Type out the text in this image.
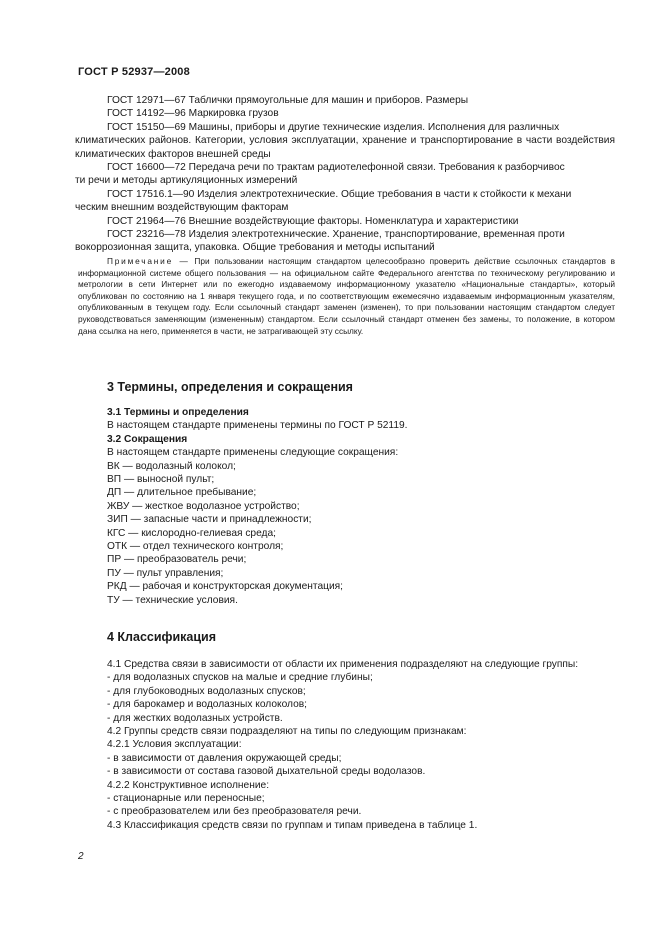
ГОСТ Р 52937—2008

ГОСТ 12971—67 Таблички прямоугольные для машин и приборов. Размеры

ГОСТ 14192—96 Маркировка грузов

ГОСТ 15150—69 Машины, приборы и другие технические изделия. Исполнения для различных

климатических районов. Категории, условия эксплуатации, хранение и транспортирование в части воздействия климатических факторов внешней среды

ГОСТ 16600—72 Передача речи по трактам радиотелефонной связи. Требования к разборчивос

ти речи и методы артикуляционных измерений

ГОСТ 17516.1—90 Изделия электротехнические. Общие требования в части к стойкости к механи

ческим внешним воздействующим факторам

ГОСТ 21964—76 Внешние воздействующие факторы. Номенклатура и характеристики

ГОСТ 23216—78 Изделия электротехнические. Хранение, транспортирование, временная проти

вокоррозионная защита, упаковка. Общие требования и методы испытаний

Примечание — При пользовании настоящим стандартом целесообразно проверить действие ссылочных стандартов в информационной системе общего пользования — на официальном сайте Федерального агентства по техническому регулированию и метрологии в сети Интернет или по ежегодно издаваемому информационному указателю «Национальные стандарты», который опубликован по состоянию на 1 января текущего года, и по соответствующим ежемесячно издаваемым информационным указателям, опубликованным в текущем году. Если ссылочный стандарт заменен (изменен), то при пользовании настоящим стандартом следует руководствоваться заменяющим (измененным) стандартом. Если ссылочный стандарт отменен без замены, то положение, в котором дана ссылка на него, применяется в части, не затрагивающей эту ссылку.

3 Термины, определения и сокращения

3.1 Термины и определения

В настоящем стандарте применены термины по ГОСТ Р 52119.

3.2 Сокращения

В настоящем стандарте применены следующие сокращения:

ВК — водолазный колокол;

ВП — выносной пульт;

ДП — длительное пребывание;

ЖВУ — жесткое водолазное устройство;

ЗИП — запасные части и принадлежности;

КГС — кислородно-гелиевая среда;

ОТК — отдел технического контроля;

ПР — преобразователь речи;

ПУ — пульт управления;

РКД — рабочая и конструкторская документация;

ТУ — технические условия.

4 Классификация

4.1 Средства связи в зависимости от области их применения подразделяют на следующие группы:

- для водолазных спусков на малые и средние глубины;

- для глубоководных водолазных спусков;

- для барокамер и водолазных колоколов;

- для жестких водолазных устройств.

4.2 Группы средств связи подразделяют на типы по следующим признакам:

4.2.1 Условия эксплуатации:

- в зависимости от давления окружающей среды;

- в зависимости от состава газовой дыхательной среды водолазов.

4.2.2 Конструктивное исполнение:

- стационарные или переносные;

- с преобразователем или без преобразователя речи.

4.3 Классификация средств связи по группам и типам приведена в таблице 1.

2
